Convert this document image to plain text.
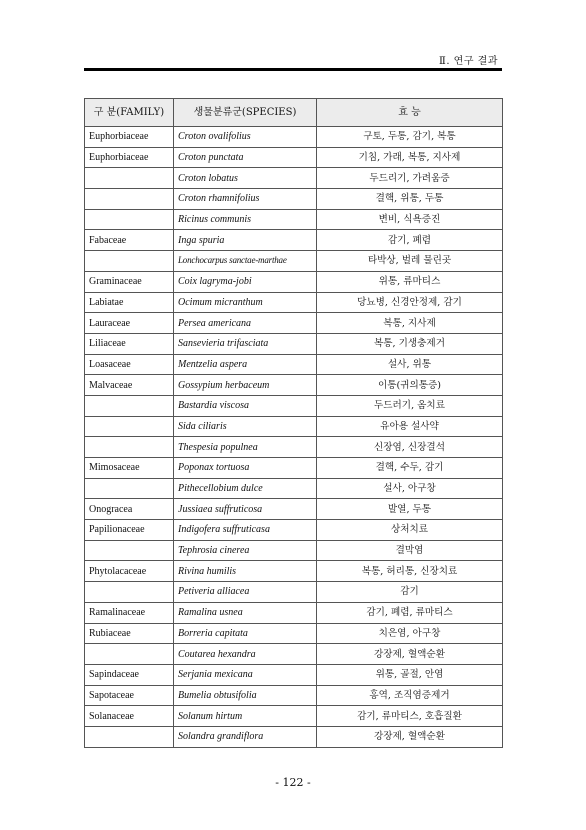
Ⅱ. 연구 결과
구 분(FAMILY)	생물분류군(SPECIES)	효 능
Euphorbiaceae	Croton ovalifolius	구토, 두통, 감기, 복통
Euphorbiaceae	Croton punctata	기침, 가래, 복통, 지사제
	Croton lobatus	두드리기, 가려움증
	Croton rhamnifolius	결핵, 위통, 두통
	Ricinus communis	변비, 식욕증진
Fabaceae	Inga spuria	감기, 폐렴
	Lonchocarpus sanctae-marthae	타박상, 벌레 물린곳
Graminaceae	Coix lagryma-jobi	위통, 류마티스
Labiatae	Ocimum micranthum	당뇨병, 신경안정제, 감기
Lauraceae	Persea americana	복통, 지사제
Liliaceae	Sansevieria trifasciata	복통, 기생충제거
Loasaceae	Mentzelia aspera	설사, 위통
Malvaceae	Gossypium herbaceum	이통(귀의통증)
	Bastardia viscosa	두드러기, 옴치료
	Sida ciliaris	유아용 설사약
	Thespesia populnea	신장염, 신장결석
Mimosaceae	Poponax tortuosa	결핵, 수두, 감기
	Pithecellobium dulce	설사, 아구창
Onogracea	Jussiaea suffruticosa	발열, 두통
Papilionaceae	Indigofera suffruticasa	상처치료
	Tephrosia cinerea	결막염
Phytolacaceae	Rivina humilis	복통, 허리통, 신장치료
	Petiveria alliacea	감기
Ramalinaceae	Ramalina usnea	감기, 폐렴, 류마티스
Rubiaceae	Borreria capitata	치은염, 아구창
	Coutarea hexandra	강장제, 혈액순환
Sapindaceae	Serjania mexicana	위통, 골절, 안염
Sapotaceae	Bumelia obtusifolia	홍역, 조직염증제거
Solanaceae	Solanum hirtum	감기, 류마티스, 호흡질환
	Solandra grandiflora	강장제, 혈액순환
- 122 -
